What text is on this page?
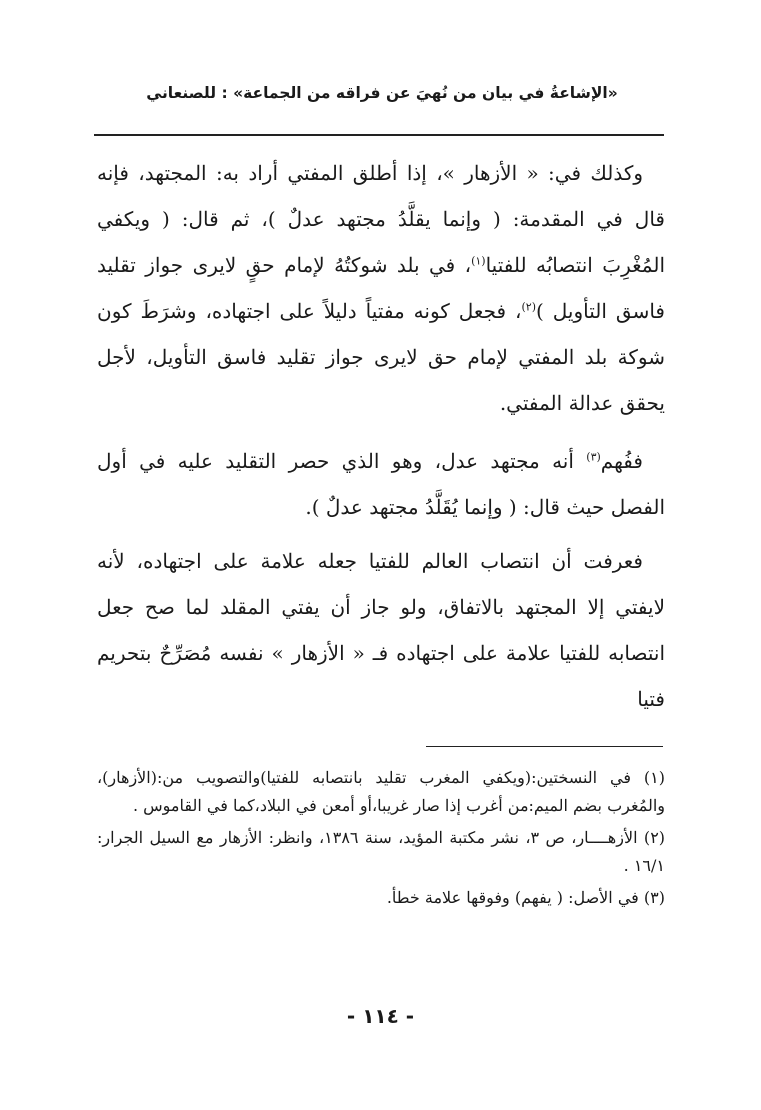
«الإشاعةُ في بيان من نُهيَ عن فراقه من الجماعة» : للصنعاني

وكذلك في: « الأزهار »، إذا أطلق المفتي أراد به: المجتهد، فإنه قال في المقدمة: ( وإنما يقلَّدُ مجتهد عدلٌ )، ثم قال: ( ويكفي المُغْرِبَ انتصابُه للفتيا$^{(١)}$، في بلد شوكتُهُ لإمام حقٍ لايرى جواز تقليد فاسق التأويل )$^{(٢)}$، فجعل كونه مفتياً دليلاً على اجتهاده، وشرَطَ كون شوكة بلد المفتي لإمام حق لايرى جواز تقليد فاسق التأويل، لأجل يحقق عدالة المفتي.

ففُهم$^{(٣)}$ أنه مجتهد عدل، وهو الذي حصر التقليد عليه في أول الفصل حيث قال: ( وإنما يُقَلَّدُ مجتهد عدلٌ ).

فعرفت أن انتصاب العالم للفتيا جعله علامة على اجتهاده، لأنه لايفتي إلا المجتهد بالاتفاق، ولو جاز أن يفتي المقلد لما صح جعل انتصابه للفتيا علامة على اجتهاده فـ « الأزهار » نفسه مُصَرِّحٌ بتحريم فتيا

(١) في النسختين:(ويكفي المغرب تقليد بانتصابه للفتيا)والتصويب من:(الأزهار)، والمُغرب بضم الميم:من أغرب إذا صار غريبا،أو أمعن في البلاد،كما في القاموس .

(٢) الأزهــــار، ص ٣، نشر مكتبة المؤيد، سنة ١٣٨٦، وانظر: الأزهار مع السيل الجرار: ١٦/١ .

(٣) في الأصل: ( يفهم) وفوقها علامة خطأ.

- ١١٤ -
